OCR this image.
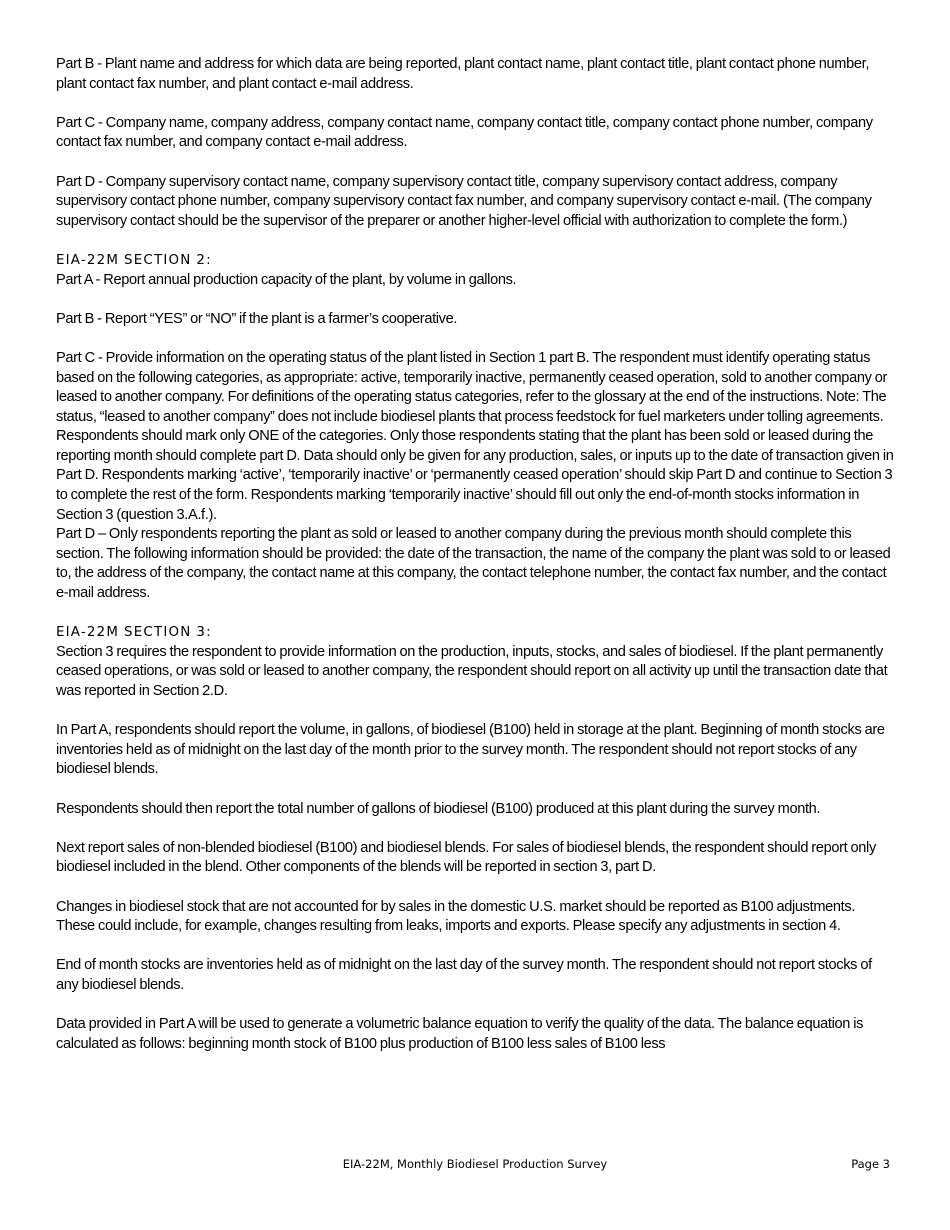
Part B - Plant name and address for which data are being reported, plant contact name, plant contact title, plant contact phone number, plant contact fax number, and plant contact e-mail address.

Part C - Company name, company address, company contact name, company contact title, company contact phone number, company contact fax number, and company contact e-mail address.

Part D - Company supervisory contact name, company supervisory contact title, company supervisory contact address, company supervisory contact phone number, company supervisory contact fax number, and company supervisory contact e-mail. (The company supervisory contact should be the supervisor of the preparer or another higher-level official with authorization to complete the form.)

EIA-22M SECTION 2:

Part A - Report annual production capacity of the plant, by volume in gallons.

Part B - Report “YES” or “NO” if the plant is a farmer’s cooperative.

Part C - Provide information on the operating status of the plant listed in Section 1 part B. The respondent must identify operating status based on the following categories, as appropriate: active, temporarily inactive, permanently ceased operation, sold to another company or leased to another company. For definitions of the operating status categories, refer to the glossary at the end of the instructions. Note: The status, “leased to another company” does not include biodiesel plants that process feedstock for fuel marketers under tolling agreements. Respondents should mark only ONE of the categories. Only those respondents stating that the plant has been sold or leased during the reporting month should complete part D. Data should only be given for any production, sales, or inputs up to the date of transaction given in Part D. Respondents marking ‘active’, ‘temporarily inactive’ or ‘permanently ceased operation’ should skip Part D and continue to Section 3 to complete the rest of the form. Respondents marking ‘temporarily inactive’ should fill out only the end-of-month stocks information in Section 3 (question 3.A.f.).

Part D – Only respondents reporting the plant as sold or leased to another company during the previous month should complete this section. The following information should be provided: the date of the transaction, the name of the company the plant was sold to or leased to, the address of the company, the contact name at this company, the contact telephone number, the contact fax number, and the contact e-mail address.

EIA-22M SECTION 3:

Section 3 requires the respondent to provide information on the production, inputs, stocks, and sales of biodiesel. If the plant permanently ceased operations, or was sold or leased to another company, the respondent should report on all activity up until the transaction date that was reported in Section 2.D.

In Part A, respondents should report the volume, in gallons, of biodiesel (B100) held in storage at the plant. Beginning of month stocks are inventories held as of midnight on the last day of the month prior to the survey month. The respondent should not report stocks of any biodiesel blends.

Respondents should then report the total number of gallons of biodiesel (B100) produced at this plant during the survey month.

Next report sales of non-blended biodiesel (B100) and biodiesel blends. For sales of biodiesel blends, the respondent should report only biodiesel included in the blend. Other components of the blends will be reported in section 3, part D.

Changes in biodiesel stock that are not accounted for by sales in the domestic U.S. market should be reported as B100 adjustments. These could include, for example, changes resulting from leaks, imports and exports. Please specify any adjustments in section 4.

End of month stocks are inventories held as of midnight on the last day of the survey month. The respondent should not report stocks of any biodiesel blends.

Data provided in Part A will be used to generate a volumetric balance equation to verify the quality of the data. The balance equation is calculated as follows: beginning month stock of B100 plus production of B100 less sales of B100 less

EIA-22M, Monthly Biodiesel Production Survey	Page 3
